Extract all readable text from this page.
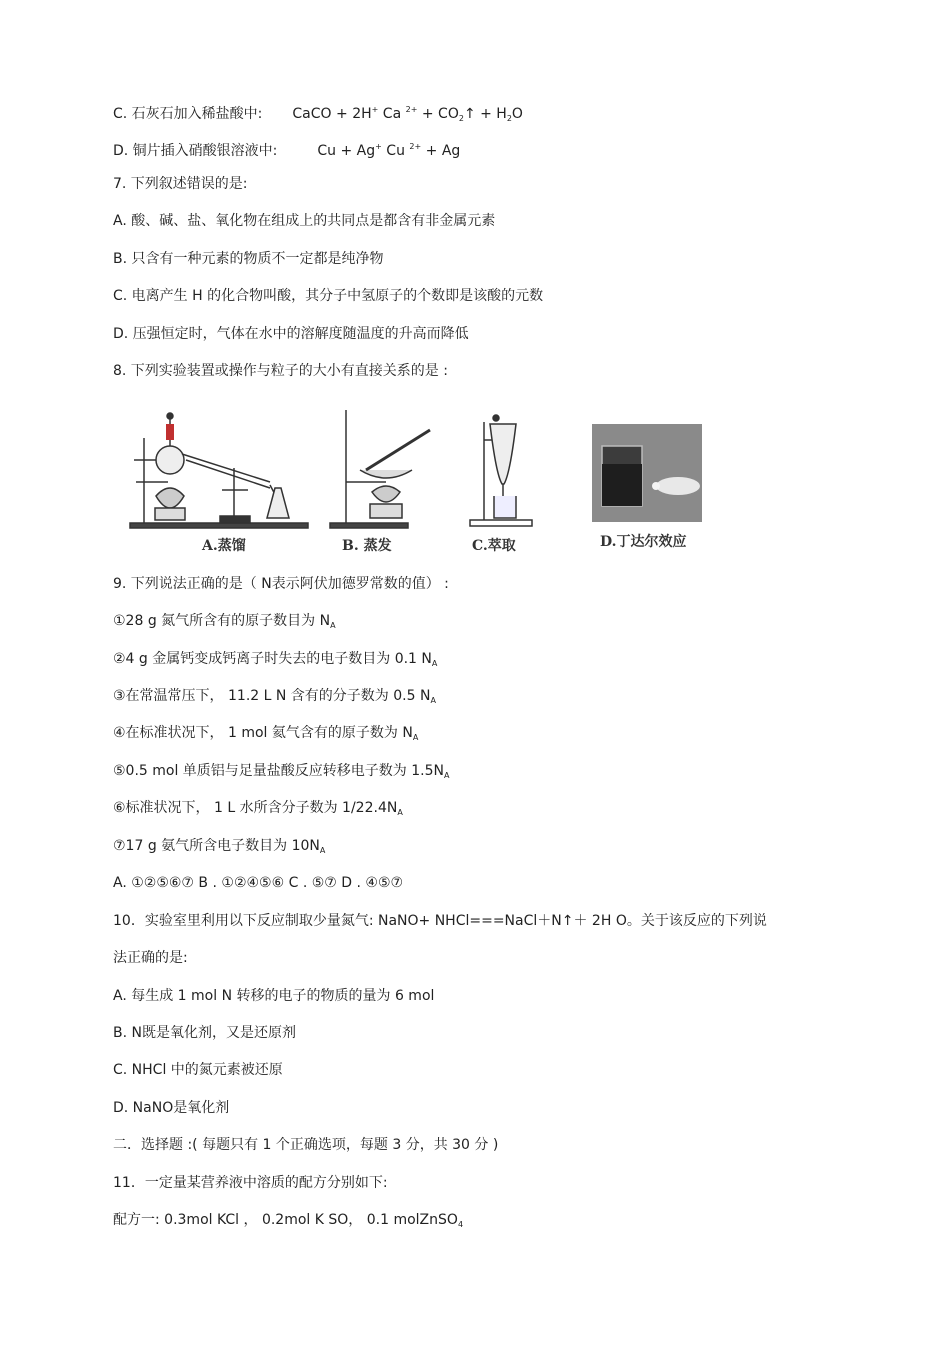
C. 石灰石加入稀盐酸中: CaCO + 2H+ Ca $^{2+} + CO_2↑ + H_2O$
D. 铜片插入硝酸银溶液中:	Cu + Ag+ Cu $^{2+}$ + Ag
7. 下列叙述错误的是:
A. 酸、碱、盐、氧化物在组成上的共同点是都含有非金属元素
B. 只含有一种元素的物质不一定都是纯净物
C. 电离产生 H 的化合物叫酸，其分子中氢原子的个数即是该酸的元数
D. 压强恒定时，气体在水中的溶解度随温度的升高而降低
8. 下列实验装置或操作与粒子的大小有直接关系的是 :
A.蒸馏	B. 蒸发	C.萃取	D.丁达尔效应
9. 下列说法正确的是（ N表示阿伏加德罗常数的值） :
①28 g 氮气所含有的原子数目为 $N_A$
②4 g 金属钙变成钙离子时失去的电子数目为 0.1 $N_A$
③在常温常压下， 11.2 L N 含有的分子数为 0.5 $N_A$
④在标准状况下， 1 mol 氦气含有的原子数为 $N_A$
⑤0.5 mol 单质铝与足量盐酸反应转移电子数为 $1.5N_A$
⑥标准状况下， 1 L 水所含分子数为 $1/22.4N_A$
⑦17 g 氨气所含电子数目为 $10N_A$
A. ①②⑤⑥⑦ B . ①②④⑤⑥ C . ⑤⑦ D . ④⑤⑦
10．实验室里利用以下反应制取少量氮气: NaNO+ NHCl===NaCl＋N↑＋ 2H O。关于该反应的下列说
法正确的是:
A. 每生成 1 mol N 转移的电子的物质的量为 6 mol
B. N既是氧化剂，又是还原剂
C. NHCl 中的氮元素被还原
D. NaNO是氧化剂
二．选择题 :( 每题只有 1 个正确选项，每题 3 分，共 30 分 )
11．一定量某营养液中溶质的配方分别如下:
配方一: 0.3mol KCl ， 0.2mol K SO， 0.1 molZnSO$_4$
